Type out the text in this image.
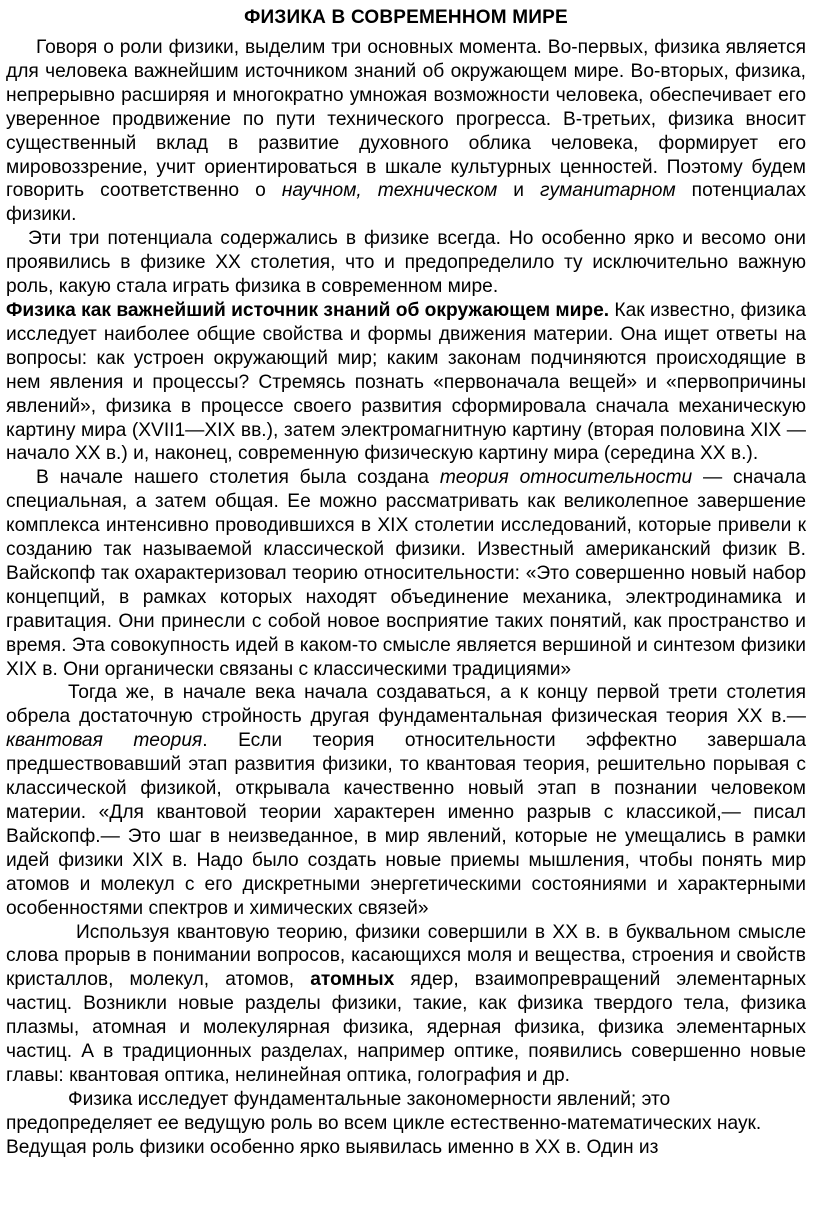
ФИЗИКА В СОВРЕМЕННОМ МИРЕ

Говоря о роли физики, выделим три основных момента. Во-первых, физика является для человека важнейшим источником знаний об окружающем мире. Во-вторых, физика, непрерывно расширяя и многократно умножая возможности человека, обеспечивает его уверенное продвижение по пути технического прогресса. В-третьих, физика вносит существенный вклад в развитие духовного облика человека, формирует его мировоззрение, учит ориентироваться в шкале культурных ценностей. Поэтому будем говорить соответственно о научном, техническом и гуманитарном потенциалах физики.

Эти три потенциала содержались в физике всегда. Но особенно ярко и весомо они проявились в физике XX столетия, что и предопределило ту исключительно важную роль, какую стала играть физика в современном мире.

Физика как важнейший источник знаний об окружающем мире. Как известно, физика исследует наиболее общие свойства и формы движения материи. Она ищет ответы на вопросы: как устроен окружающий мир; каким законам подчиняются происходящие в нем явления и процессы? Стремясь познать «первоначала вещей» и «первопричины явлений», физика в процессе своего развития сформировала сначала механическую картину мира (XVII1—XIX вв.), затем электромагнитную картину (вторая половина XIX — начало XX в.) и, наконец, современную физическую картину мира (середина XX в.).

В начале нашего столетия была создана теория относительности — сначала специальная, а затем общая. Ее можно рассматривать как великолепное завершение комплекса интенсивно проводившихся в XIX столетии исследований, которые привели к созданию так называемой классической физики. Известный американский физик В. Вайскопф так охарактеризовал теорию относительности: «Это совершенно новый набор концепций, в рамках которых находят объединение механика, электродинамика и гравитация. Они принесли с собой новое восприятие таких понятий, как пространство и время. Эта совокупность идей в каком-то смысле является вершиной и синтезом физики XIX в. Они органически связаны с классическими традициями»

Тогда же, в начале века начала создаваться, а к концу первой трети столетия обрела достаточную стройность другая фундаментальная физическая теория XX в.— квантовая теория. Если теория относительности эффектно завершала предшествовавший этап развития физики, то квантовая теория, решительно порывая с классической физикой, открывала качественно новый этап в познании человеком материи. «Для квантовой теории характерен именно разрыв с классикой,— писал Вайскопф.— Это шаг в неизведанное, в мир явлений, которые не умещались в рамки идей физики XIX в. Надо было создать новые приемы мышления, чтобы понять мир атомов и молекул с его дискретными энергетическими состояниями и характерными особенностями спектров и химических связей»

Используя квантовую теорию, физики совершили в XX в. в буквальном смысле слова прорыв в понимании вопросов, касающихся моля и вещества, строения и свойств кристаллов, молекул, атомов, атомных ядер, взаимопревращений элементарных частиц. Возникли новые разделы физики, такие, как физика твердого тела, физика плазмы, атомная и молекулярная физика, ядерная физика, физика элементарных частиц. А в традиционных разделах, например оптике, появились совершенно новые главы: квантовая оптика, нелинейная оптика, голография и др.

Физика исследует фундаментальные закономерности явлений; это предопределяет ее ведущую роль во всем цикле естественно-математических наук. Ведущая роль физики особенно ярко выявилась именно в XX в. Один из
